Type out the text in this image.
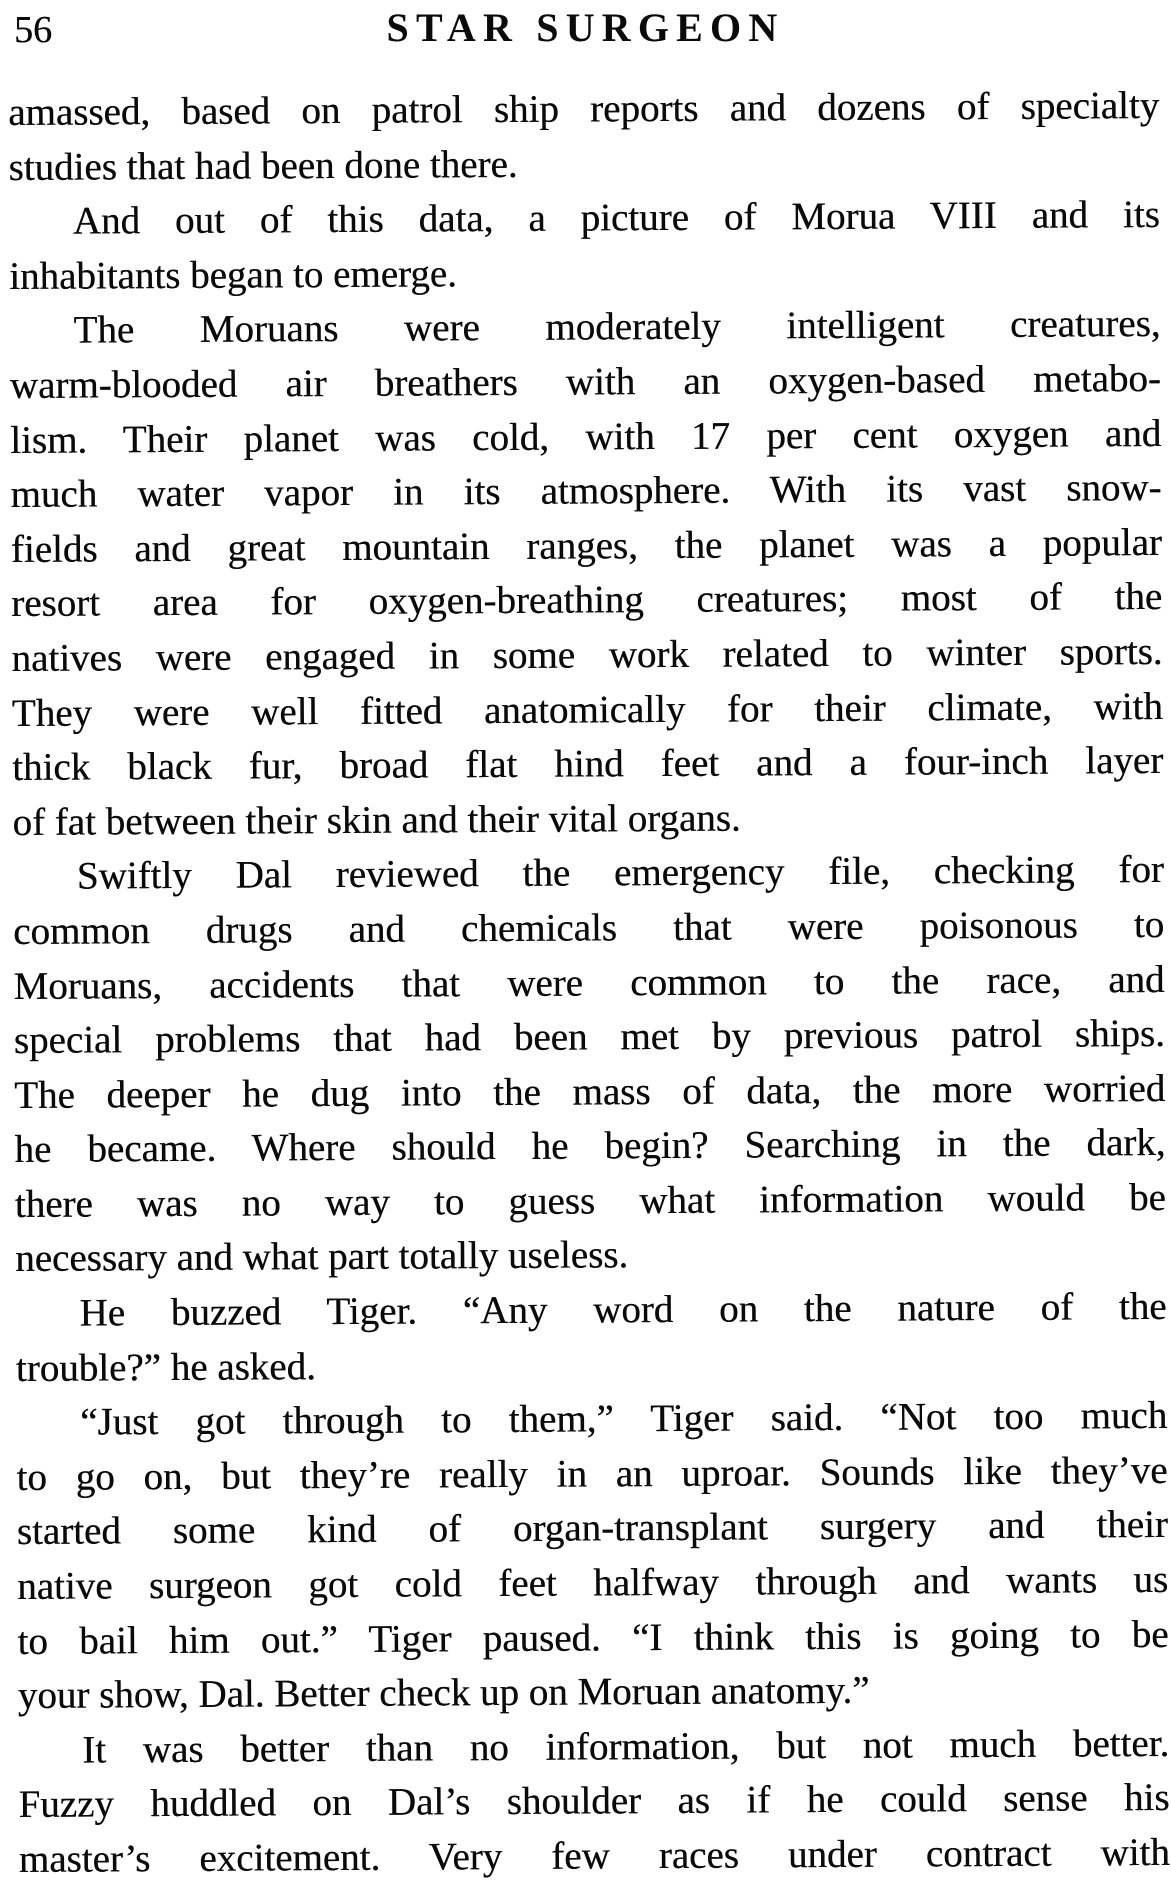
56	STAR SURGEON
amassed, based on patrol ship reports and dozens of specialty
studies that had been done there.
And out of this data, a picture of Morua VIII and its
inhabitants began to emerge.
The Moruans were moderately intelligent creatures,
warm-blooded air breathers with an oxygen-based metabo-
lism. Their planet was cold, with 17 per cent oxygen and
much water vapor in its atmosphere. With its vast snow-
fields and great mountain ranges, the planet was a popular
resort area for oxygen-breathing creatures; most of the
natives were engaged in some work related to winter sports.
They were well fitted anatomically for their climate, with
thick black fur, broad flat hind feet and a four-inch layer
of fat between their skin and their vital organs.
Swiftly Dal reviewed the emergency file, checking for
common drugs and chemicals that were poisonous to
Moruans, accidents that were common to the race, and
special problems that had been met by previous patrol ships.
The deeper he dug into the mass of data, the more worried
he became. Where should he begin? Searching in the dark,
there was no way to guess what information would be
necessary and what part totally useless.
He buzzed Tiger. “Any word on the nature of the
trouble?” he asked.
“Just got through to them,” Tiger said. “Not too much
to go on, but they’re really in an uproar. Sounds like they’ve
started some kind of organ-transplant surgery and their
native surgeon got cold feet halfway through and wants us
to bail him out.” Tiger paused. “I think this is going to be
your show, Dal. Better check up on Moruan anatomy.”
It was better than no information, but not much better.
Fuzzy huddled on Dal’s shoulder as if he could sense his
master’s excitement. Very few races under contract with
